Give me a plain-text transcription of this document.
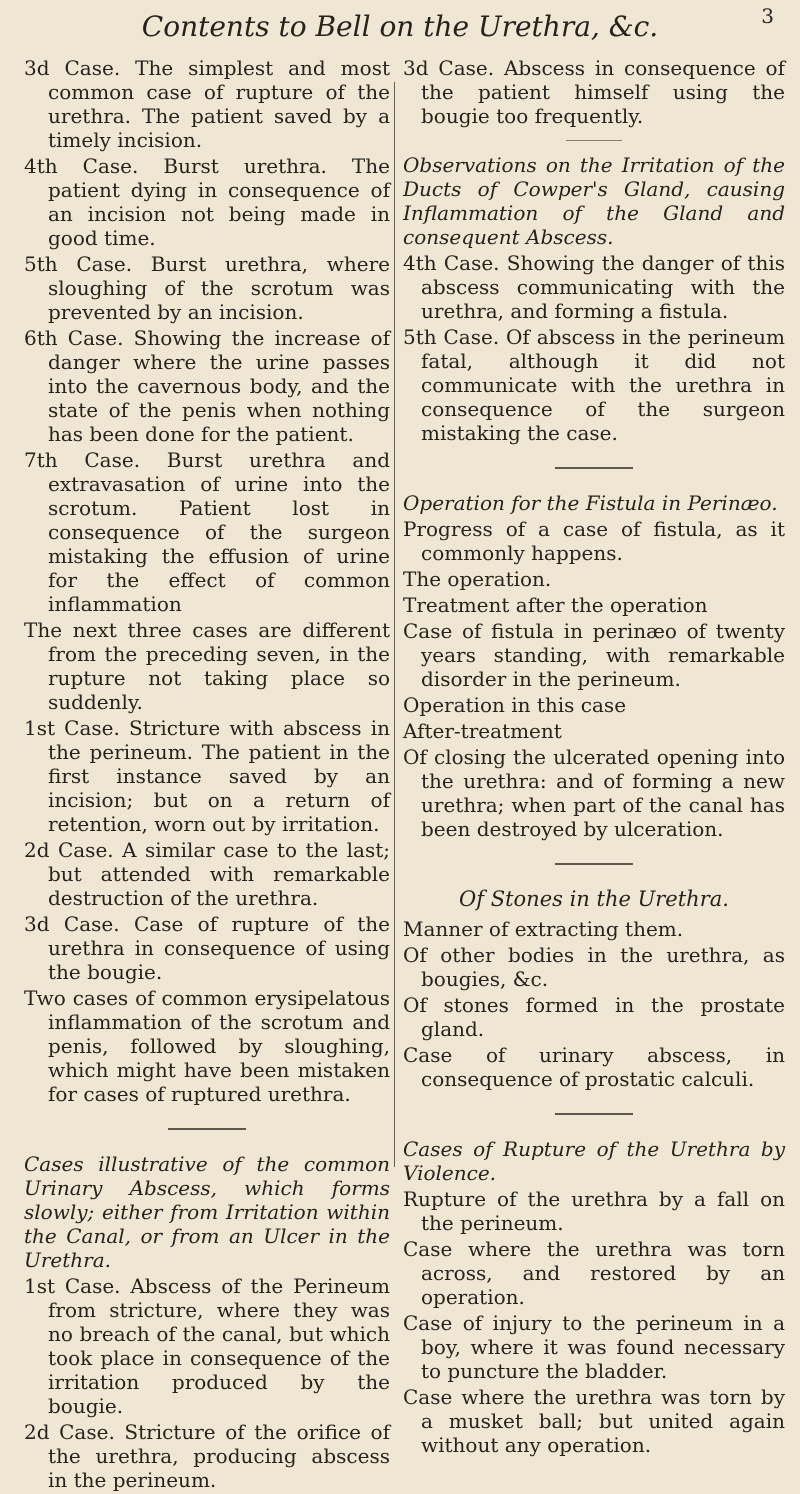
Contents to Bell on the Urethra, &c.	3

3d Case. The simplest and most common case of rupture of the urethra. The patient saved by a timely incision.

4th Case. Burst urethra. The patient dying in consequence of an incision not being made in good time.

5th Case. Burst urethra, where sloughing of the scrotum was prevented by an incision.

6th Case. Showing the increase of danger where the urine passes into the cavernous body, and the state of the penis when nothing has been done for the patient.

7th Case. Burst urethra and extravasation of urine into the scrotum. Patient lost in consequence of the surgeon mistaking the effusion of urine for the effect of common inflammation

The next three cases are different from the preceding seven, in the rupture not taking place so suddenly.

1st Case. Stricture with abscess in the perineum. The patient in the first instance saved by an incision; but on a return of retention, worn out by irritation.

2d Case. A similar case to the last; but attended with remarkable destruction of the urethra.

3d Case. Case of rupture of the urethra in consequence of using the bougie.

Two cases of common erysipelatous inflammation of the scrotum and penis, followed by sloughing, which might have been mistaken for cases of ruptured urethra.

Cases illustrative of the common Urinary Abscess, which forms slowly; either from Irritation within the Canal, or from an Ulcer in the Urethra.

1st Case. Abscess of the Perineum from stricture, where they was no breach of the canal, but which took place in consequence of the irritation produced by the bougie.

2d Case. Stricture of the orifice of the urethra, producing abscess in the perineum.

3d Case. Abscess in consequence of the patient himself using the bougie too frequently.

Observations on the Irritation of the Ducts of Cowper's Gland, causing Inflammation of the Gland and consequent Abscess.

4th Case. Showing the danger of this abscess communicating with the urethra, and forming a fistula.

5th Case. Of abscess in the perineum fatal, although it did not communicate with the urethra in consequence of the surgeon mistaking the case.

Operation for the Fistula in Perinæo.

Progress of a case of fistula, as it commonly happens.

The operation.

Treatment after the operation

Case of fistula in perinæo of twenty years standing, with remarkable disorder in the perineum.

Operation in this case

After-treatment

Of closing the ulcerated opening into the urethra: and of forming a new urethra; when part of the canal has been destroyed by ulceration.

Of Stones in the Urethra.

Manner of extracting them.

Of other bodies in the urethra, as bougies, &c.

Of stones formed in the prostate gland.

Case of urinary abscess, in consequence of prostatic calculi.

Cases of Rupture of the Urethra by Violence.

Rupture of the urethra by a fall on the perineum.

Case where the urethra was torn across, and restored by an operation.

Case of injury to the perineum in a boy, where it was found necessary to puncture the bladder.

Case where the urethra was torn by a musket ball; but united again without any operation.
